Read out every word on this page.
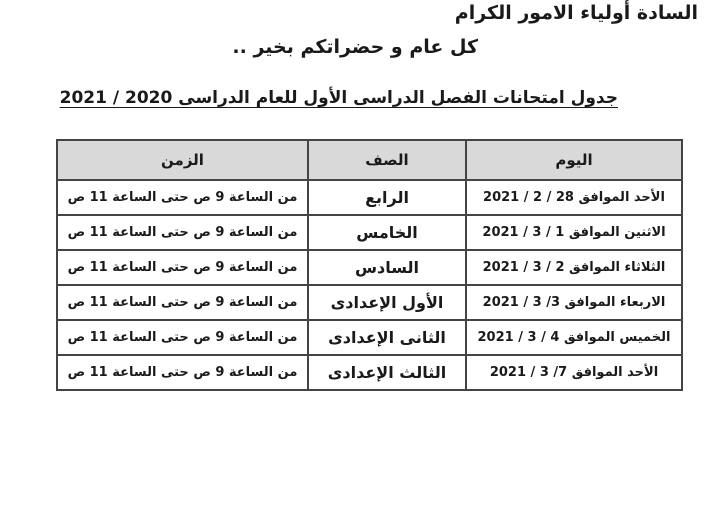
السادة أولياء الامور الكرام
كل عام و حضراتكم بخير ..
جدول امتحانات الفصل الدراسى الأول للعام الدراسى 2020 / 2021
اليوم	الصف	الزمن
الأحد الموافق 28 / 2 / 2021	الرابع	من الساعة 9 ص حتى الساعة 11 ص
الاثنين الموافق 1 / 3 / 2021	الخامس	من الساعة 9 ص حتى الساعة 11 ص
الثلاثاء الموافق 2 / 3 / 2021	السادس	من الساعة 9 ص حتى الساعة 11 ص
الاربعاء الموافق 3/ 3 / 2021	الأول الإعدادى	من الساعة 9 ص حتى الساعة 11 ص
الخميس الموافق 4 / 3 / 2021	الثانى الإعدادى	من الساعة 9 ص حتى الساعة 11 ص
الأحد الموافق 7/ 3 / 2021	الثالث الإعدادى	من الساعة 9 ص حتى الساعة 11 ص
